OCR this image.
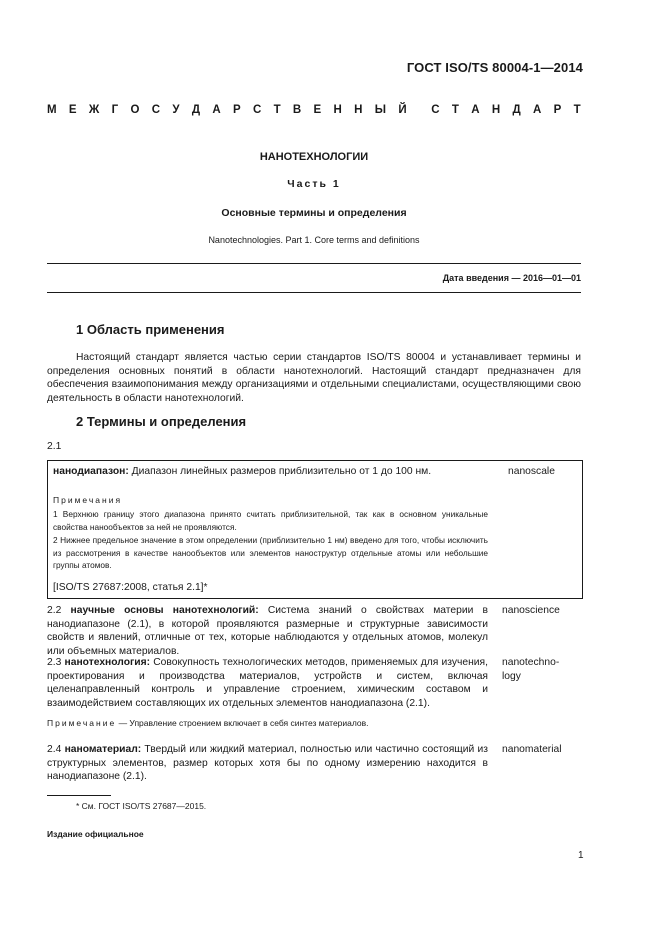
ГОСТ ISO/TS 80004-1—2014
М Е Ж Г О С У Д А Р С Т В Е Н Н Ы Й С Т А Н Д А Р Т
НАНОТЕХНОЛОГИИ
Часть 1
Основные термины и определения
Nanotechnologies. Part 1. Core terms and definitions
Дата введения — 2016—01—01
1 Область применения

Настоящий стандарт является частью серии стандартов ISO/TS 80004 и устанавливает термины и определения основных понятий в области нанотехнологий. Настоящий стандарт предназначен для обеспечения взаимопонимания между организациями и отдельными специалистами, осуществляющими свою деятельность в области нанотехнологий.

2 Термины и определения
2.1
нанодиапазон: Диапазон линейных размеров приблизительно от 1 до 100 нм.	nanoscale
Примечания

1 Верхнюю границу этого диапазона принято считать приблизительной, так как в основном уникальные свойства нанообъектов за ней не проявляются.

2 Нижнее предельное значение в этом определении (приблизительно 1 нм) введено для того, чтобы исключить из рассмотрения в качестве нанообъектов или элементов наноструктур отдельные атомы или небольшие группы атомов.

[ISO/TS 27687:2008, статья 2.1]*

2.2 научные основы нанотехнологий: Система знаний о свойствах материи в нанодиапазоне (2.1), в которой проявляются размерные и структурные зависимости свойств и явлений, отличные от тех, которые наблюдаются у отдельных атомов, молекул или объемных материалов.

nanoscience

2.3 нанотехнология: Совокупность технологических методов, применяемых для изучения, проектирования и производства материалов, устройств и систем, включая целенаправленный контроль и управление строением, химическим составом и взаимодействием составляющих их отдельных элементов нанодиапазона (2.1).

nanotechno-
logy
Примечание — Управление строением включает в себя синтез материалов.

2.4 наноматериал: Твердый или жидкий материал, полностью или частично состоящий из структурных элементов, размер которых хотя бы по одному измерению находится в нанодиапазоне (2.1).

nanomaterial
* См. ГОСТ ISO/TS 27687—2015.
Издание официальное
1
